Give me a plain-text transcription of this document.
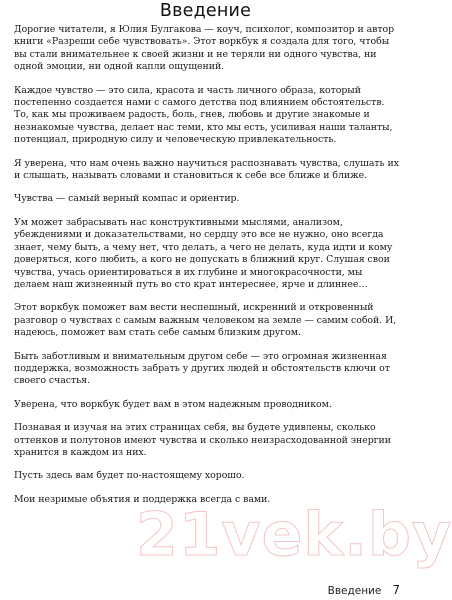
Введение

Дорогие читатели, я Юлия Булгакова — коуч, психолог, композитор и автор книги «Разреши себе чувствовать». Этот воркбук я создала для того, чтобы вы стали внимательнее к своей жизни и не теряли ни одного чувства, ни одной эмоции, ни одной капли ощущений.

Каждое чувство — это сила, красота и часть личного образа, который постепенно создается нами с самого детства под влиянием обстоятельств. То, как мы проживаем радость, боль, гнев, любовь и другие знакомые и незнакомые чувства, делает нас теми, кто мы есть, усиливая наши таланты, потенциал, природную силу и человеческую привлекательность.

Я уверена, что нам очень важно научиться распознавать чувства, слушать их и слышать, называть словами и становиться к себе все ближе и ближе.

Чувства — самый верный компас и ориентир.

Ум может забрасывать нас конструктивными мыслями, анализом, убеждениями и доказательствами, но сердцу это все не нужно, оно всегда знает, чему быть, а чему нет, что делать, а чего не делать, куда идти и кому доверяться, кого любить, а кого не допускать в ближний круг. Слушая свои чувства, учась ориентироваться в их глубине и многокрасочности, мы делаем наш жизненный путь во сто крат интереснее, ярче и длиннее…

Этот воркбук поможет вам вести неспешный, искренний и откровенный разговор о чувствах с самым важным человеком на земле — самим собой. И, надеюсь, поможет вам стать себе самым близким другом.

Быть заботливым и внимательным другом себе — это огромная жизненная поддержка, возможность забрать у других людей и обстоятельств ключи от своего счастья.

Уверена, что воркбук будет вам в этом надежным проводником.

Познавая и изучая на этих страницах себя, вы будете удивлены, сколько оттенков и полутонов имеют чувства и сколько неизрасходованной энергии хранится в каждом из них.

Пусть здесь вам будет по-настоящему хорошо.

Мои незримые объятия и поддержка всегда с вами.

21vek.by
Введение 7
